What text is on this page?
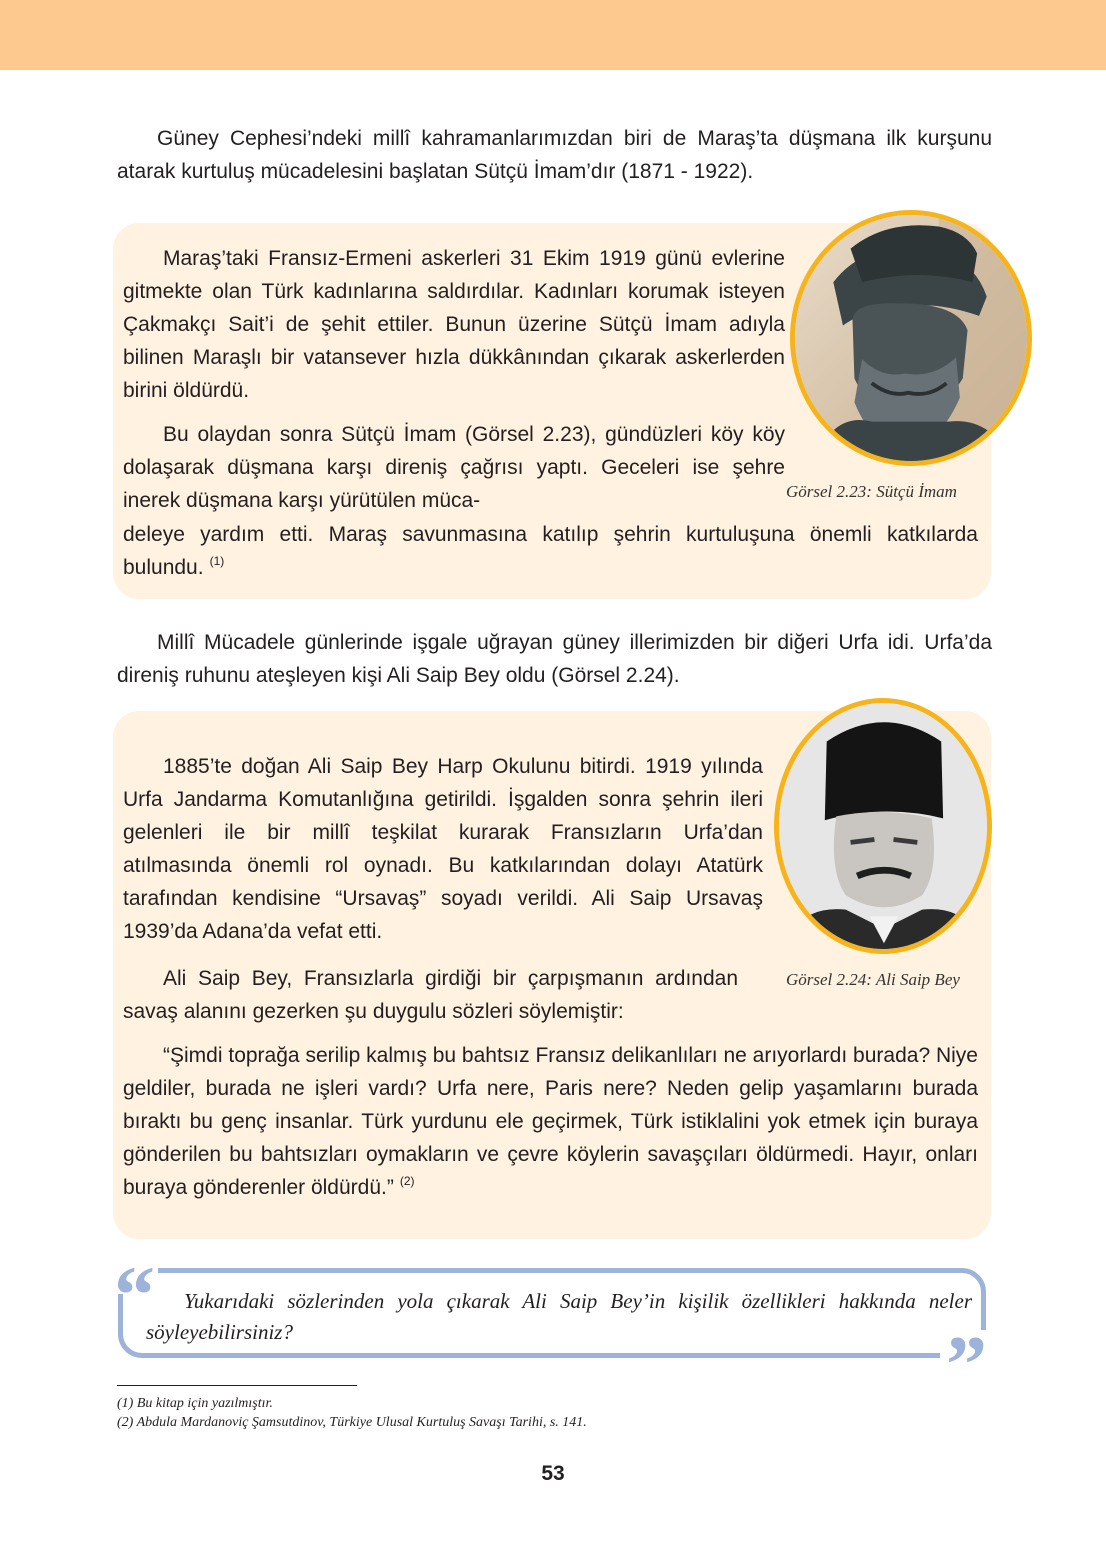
Güney Cephesi’ndeki millî kahramanlarımızdan biri de Maraş’ta düşmana ilk kurşunu atarak kurtuluş mücadelesini başlatan Sütçü İmam’dır (1871 - 1922).

Maraş’taki Fransız-Ermeni askerleri 31 Ekim 1919 günü evlerine gitmekte olan Türk kadınlarına saldırdılar. Kadınları korumak isteyen Çakmakçı Sait’i de şehit ettiler. Bunun üzerine Sütçü İmam adıyla bilinen Maraşlı bir vatansever hızla dükkânından çıkarak askerlerden birini öldürdü.

Bu olaydan sonra Sütçü İmam (Görsel 2.23), gündüzleri köy köy dolaşarak düşmana karşı direniş çağrısı yaptı. Geceleri ise şehre inerek düşmana karşı yürütülen müca-

deleye yardım etti. Maraş savunmasına katılıp şehrin kurtuluşuna önemli katkılarda bulundu. $^{(1)}$

Görsel 2.23: Sütçü İmam

Millî Mücadele günlerinde işgale uğrayan güney illerimizden bir diğeri Urfa idi. Urfa’da direniş ruhunu ateşleyen kişi Ali Saip Bey oldu (Görsel 2.24).

1885’te doğan Ali Saip Bey Harp Okulunu bitirdi. 1919 yılında Urfa Jandarma Komutanlığına getirildi. İşgalden sonra şehrin ileri gelenleri ile bir millî teşkilat kurarak Fransızların Urfa’dan atılmasında önemli rol oynadı. Bu katkılarından dolayı Atatürk tarafından kendisine “Ursavaş” soyadı verildi. Ali Saip Ursavaş 1939’da Adana’da vefat etti.

Ali Saip Bey, Fransızlarla girdiği bir çarpışmanın ardından savaş alanını gezerken şu duygulu sözleri söylemiştir:

“Şimdi toprağa serilip kalmış bu bahtsız Fransız delikanlıları ne arıyorlardı burada? Niye geldiler, burada ne işleri vardı? Urfa nere, Paris nere? Neden gelip yaşamlarını burada bıraktı bu genç insanlar. Türk yurdunu ele geçirmek, Türk istiklalini yok etmek için buraya gönderilen bu bahtsızları oymakların ve çevre köylerin savaşçıları öldürmedi. Hayır, onları buraya gönderenler öldürdü.” $^{(2)}$

Görsel 2.24: Ali Saip Bey

“
”

Yukarıdaki sözlerinden yola çıkarak Ali Saip Bey’in kişilik özellikleri hakkında neler söyleyebilirsiniz?

(1) Bu kitap için yazılmıştır.

(2) Abdula Mardanoviç Şamsutdinov, Türkiye Ulusal Kurtuluş Savaşı Tarihi, s. 141.

53
